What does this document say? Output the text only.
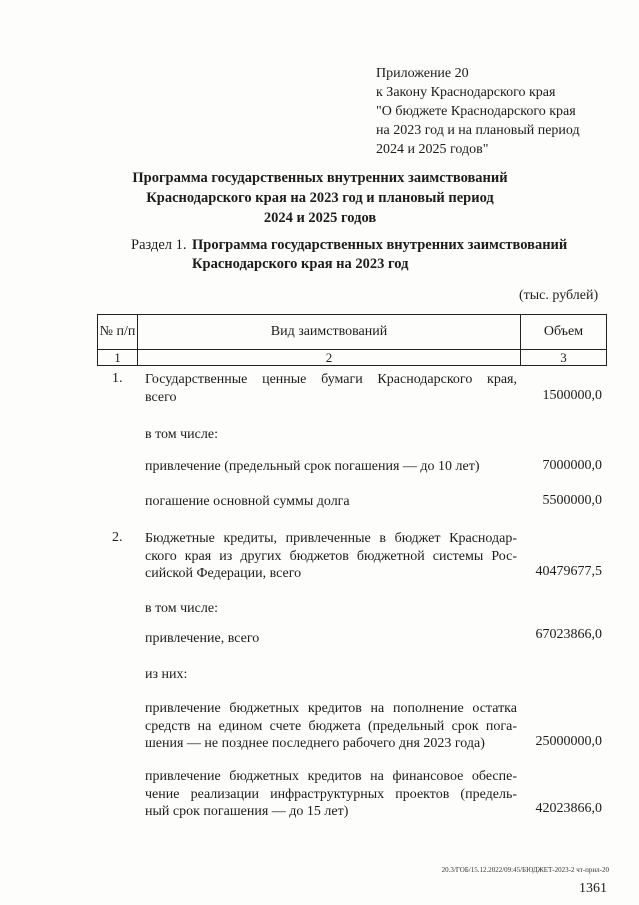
Приложение 20
к Закону Краснодарского края
"О бюджете Краснодарского края
на 2023 год и на плановый период
2024 и 2025 годов"
Программа государственных внутренних заимствований
Краснодарского края на 2023 год и плановый период
2024 и 2025 годов
Раздел 1. Программа государственных внутренних заимствований
Краснодарского края на 2023 год
(тыс. рублей)
№ п/п	Вид заимствований	Объем
1	2	3
1. Государственные ценные бумаги Краснодарского края,
всего	1500000,0
в том числе:
привлечение (предельный срок погашения — до 10 лет)	7000000,0
погашение основной суммы долга	5500000,0
2. Бюджетные кредиты, привлеченные в бюджет Краснодар-
ского края из других бюджетов бюджетной системы Рос-
сийской Федерации, всего	40479677,5
в том числе:
привлечение, всего	67023866,0
из них:
привлечение бюджетных кредитов на пополнение остатка
средств на едином счете бюджета (предельный срок пога-
шения — не позднее последнего рабочего дня 2023 года)	25000000,0
привлечение бюджетных кредитов на финансовое обеспе-
чение реализации инфраструктурных проектов (предель-
ный срок погашения — до 15 лет)	42023866,0
20.3/ГОБ/15.12.2022/09:45/БЮДЖЕТ-2023-2 чт-прил-20
1361
